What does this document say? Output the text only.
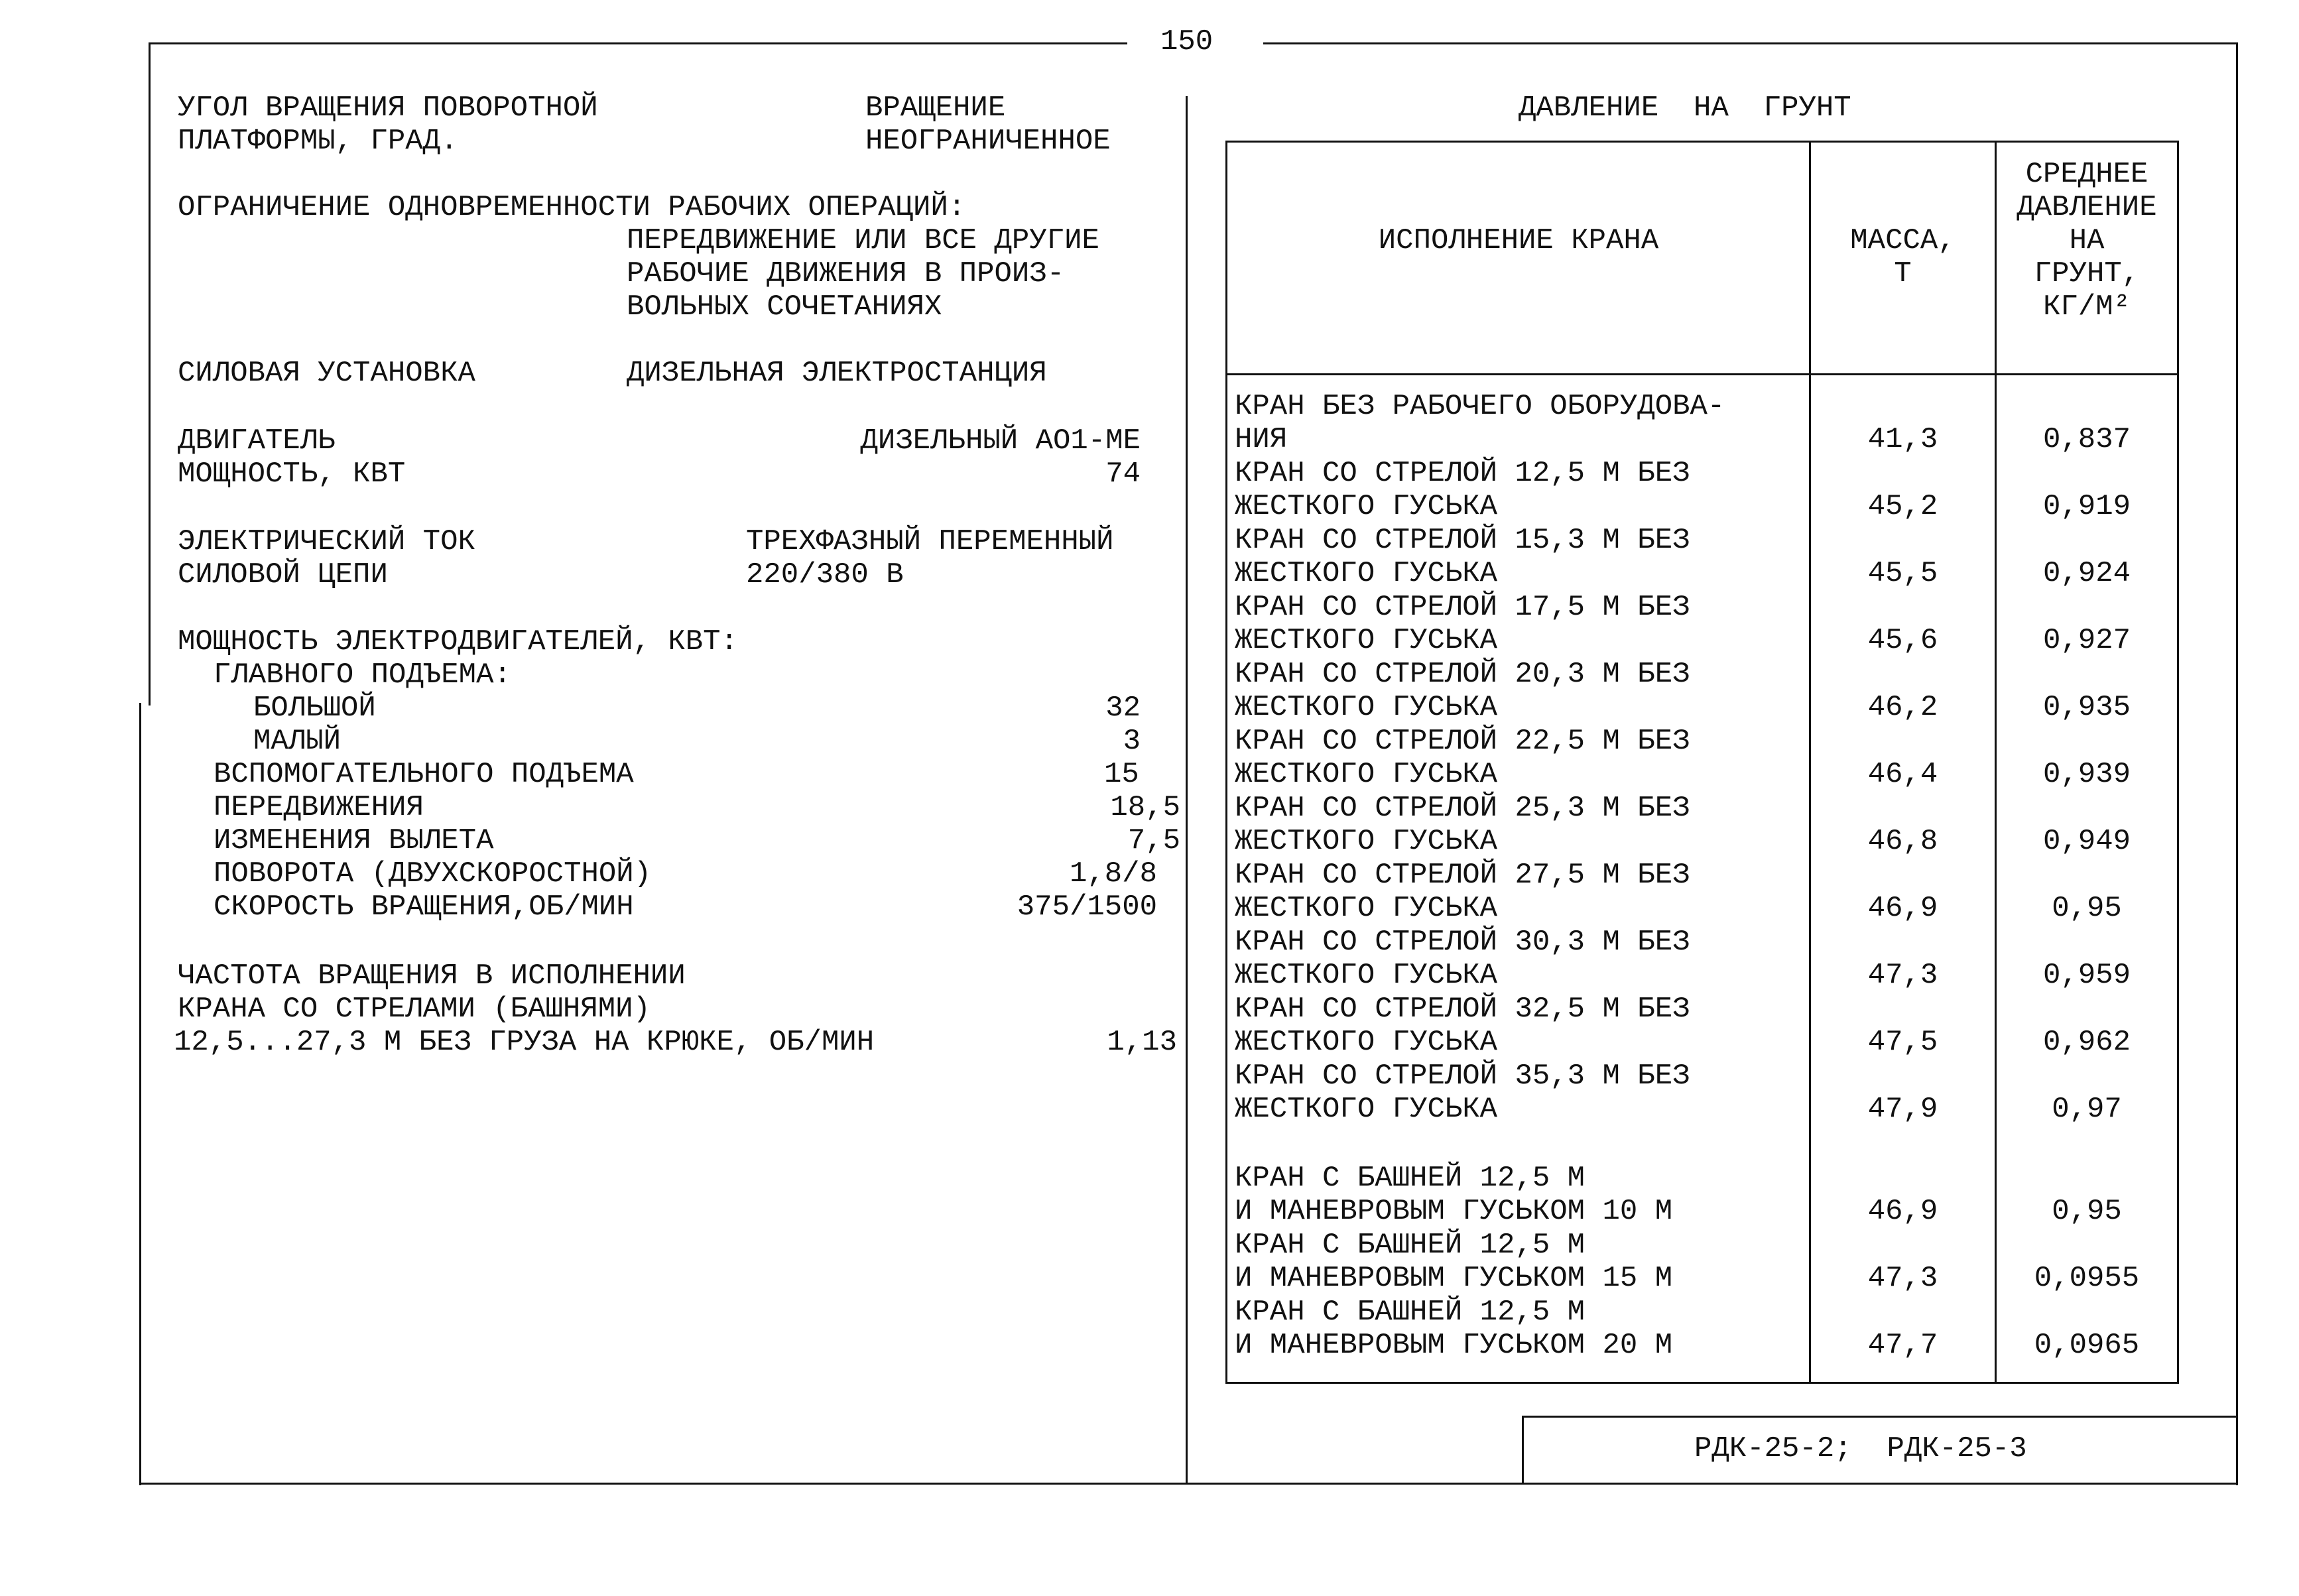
150
УГОЛ ВРАЩЕНИЯ ПОВОРОТНОЙ
ПЛАТФОРМЫ, ГРАД.
ВРАЩЕНИЕ
НЕОГРАНИЧЕННОЕ
ОГРАНИЧЕНИЕ ОДНОВРЕМЕННОСТИ РАБОЧИХ ОПЕРАЦИЙ:
ПЕРЕДВИЖЕНИЕ ИЛИ ВСЕ ДРУГИЕ
РАБОЧИЕ ДВИЖЕНИЯ В ПРОИЗ-
ВОЛЬНЫХ СОЧЕТАНИЯХ
СИЛОВАЯ УСТАНОВКА	ДИЗЕЛЬНАЯ ЭЛЕКТРОСТАНЦИЯ
ДВИГАТЕЛЬ	ДИЗЕЛЬНЫЙ АО1-МЕ
МОЩНОСТЬ, КВТ	74
ЭЛЕКТРИЧЕСКИЙ ТОК
СИЛОВОЙ ЦЕПИ
ТРЕХФАЗНЫЙ ПЕРЕМЕННЫЙ
220/380 В
МОЩНОСТЬ ЭЛЕКТРОДВИГАТЕЛЕЙ, КВТ:
ГЛАВНОГО ПОДЪЕМА:
БОЛЬШОЙ	32
МАЛЫЙ	3
ВСПОМОГАТЕЛЬНОГО ПОДЪЕМА	15
ПЕРЕДВИЖЕНИЯ	18,5
ИЗМЕНЕНИЯ ВЫЛЕТА	7,5
ПОВОРОТА (ДВУХСКОРОСТНОЙ)	1,8/8
СКОРОСТЬ ВРАЩЕНИЯ,ОБ/МИН	375/1500
ЧАСТОТА ВРАЩЕНИЯ В ИСПОЛНЕНИИ
КРАНА СО СТРЕЛАМИ (БАШНЯМИ)
12,5...27,3 М БЕЗ ГРУЗА НА КРЮКЕ, ОБ/МИН	1,13
ДАВЛЕНИЕ  НА  ГРУНТ
ИСПОЛНЕНИЕ КРАНА	МАССА,
Т
СРЕДНЕЕ
ДАВЛЕНИЕ
НА
ГРУНТ,
КГ/М²
КРАН БЕЗ РАБОЧЕГО ОБОРУДОВА-
НИЯ	41,3	0,837
КРАН СО СТРЕЛОЙ 12,5 М БЕЗ
ЖЕСТКОГО ГУСЬКА	45,2	0,919
КРАН СО СТРЕЛОЙ 15,3 М БЕЗ
ЖЕСТКОГО ГУСЬКА	45,5	0,924
КРАН СО СТРЕЛОЙ 17,5 М БЕЗ
ЖЕСТКОГО ГУСЬКА	45,6	0,927
КРАН СО СТРЕЛОЙ 20,3 М БЕЗ
ЖЕСТКОГО ГУСЬКА	46,2	0,935
КРАН СО СТРЕЛОЙ 22,5 М БЕЗ
ЖЕСТКОГО ГУСЬКА	46,4	0,939
КРАН СО СТРЕЛОЙ 25,3 М БЕЗ
ЖЕСТКОГО ГУСЬКА	46,8	0,949
КРАН СО СТРЕЛОЙ 27,5 М БЕЗ
ЖЕСТКОГО ГУСЬКА	46,9	0,95
КРАН СО СТРЕЛОЙ 30,3 М БЕЗ
ЖЕСТКОГО ГУСЬКА	47,3	0,959
КРАН СО СТРЕЛОЙ 32,5 М БЕЗ
ЖЕСТКОГО ГУСЬКА	47,5	0,962
КРАН СО СТРЕЛОЙ 35,3 М БЕЗ
ЖЕСТКОГО ГУСЬКА	47,9	0,97
КРАН С БАШНЕЙ 12,5 М
И МАНЕВРОВЫМ ГУСЬКОМ 10 М	46,9	0,95
КРАН С БАШНЕЙ 12,5 М
И МАНЕВРОВЫМ ГУСЬКОМ 15 М	47,3	0,0955
КРАН С БАШНЕЙ 12,5 М
И МАНЕВРОВЫМ ГУСЬКОМ 20 М	47,7	0,0965
РДК-25-2;  РДК-25-3
